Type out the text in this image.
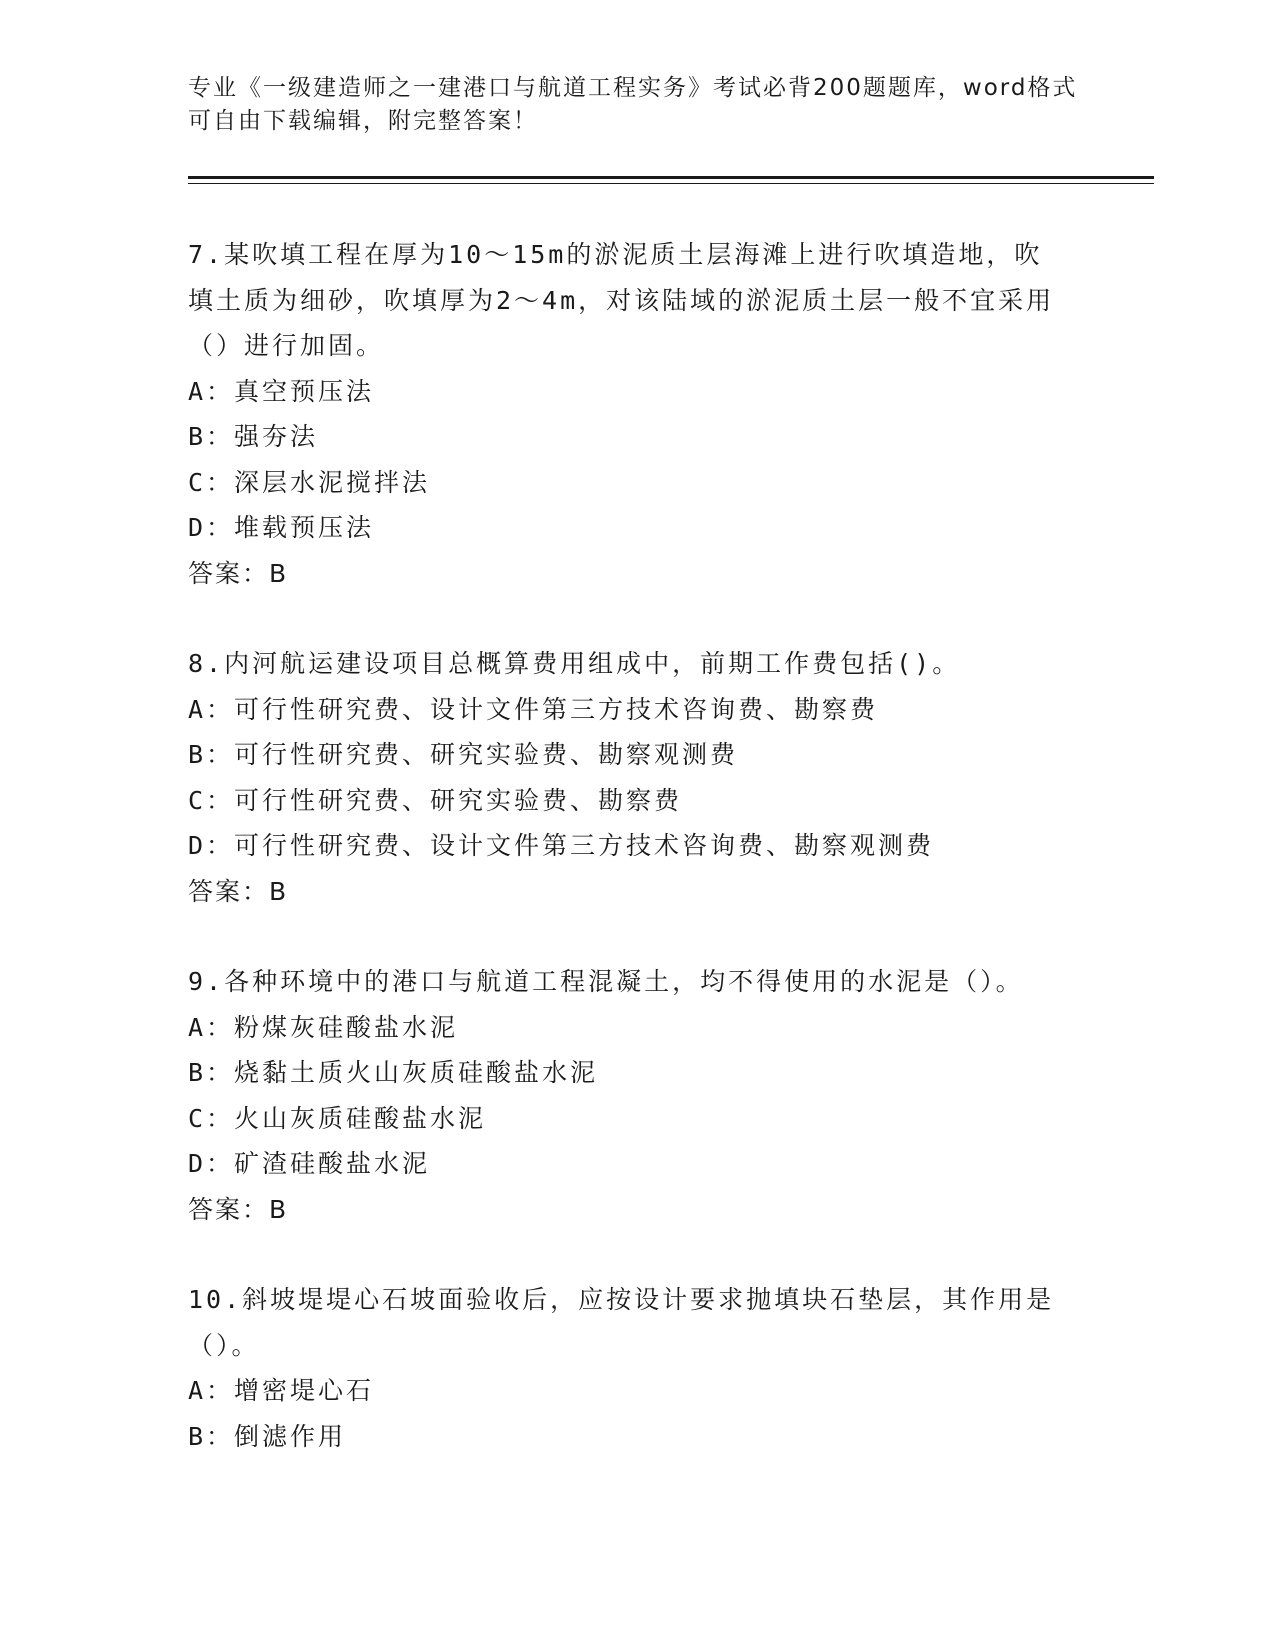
专业《一级建造师之一建港口与航道工程实务》考试必背200题题库，word格式
可自由下载编辑，附完整答案！
7.某吹填工程在厚为10～15m的淤泥质土层海滩上进行吹填造地，吹
填土质为细砂，吹填厚为2～4m，对该陆域的淤泥质土层一般不宜采用
（）进行加固。
A：真空预压法
B：强夯法
C：深层水泥搅拌法
D：堆载预压法
答案：B
8.内河航运建设项目总概算费用组成中，前期工作费包括()。
A：可行性研究费、设计文件第三方技术咨询费、勘察费
B：可行性研究费、研究实验费、勘察观测费
C：可行性研究费、研究实验费、勘察费
D：可行性研究费、设计文件第三方技术咨询费、勘察观测费
答案：B
9.各种环境中的港口与航道工程混凝土，均不得使用的水泥是（）。
A：粉煤灰硅酸盐水泥
B：烧黏土质火山灰质硅酸盐水泥
C：火山灰质硅酸盐水泥
D：矿渣硅酸盐水泥
答案：B
10.斜坡堤堤心石坡面验收后，应按设计要求抛填块石垫层，其作用是
（）。
A：增密堤心石
B：倒滤作用
